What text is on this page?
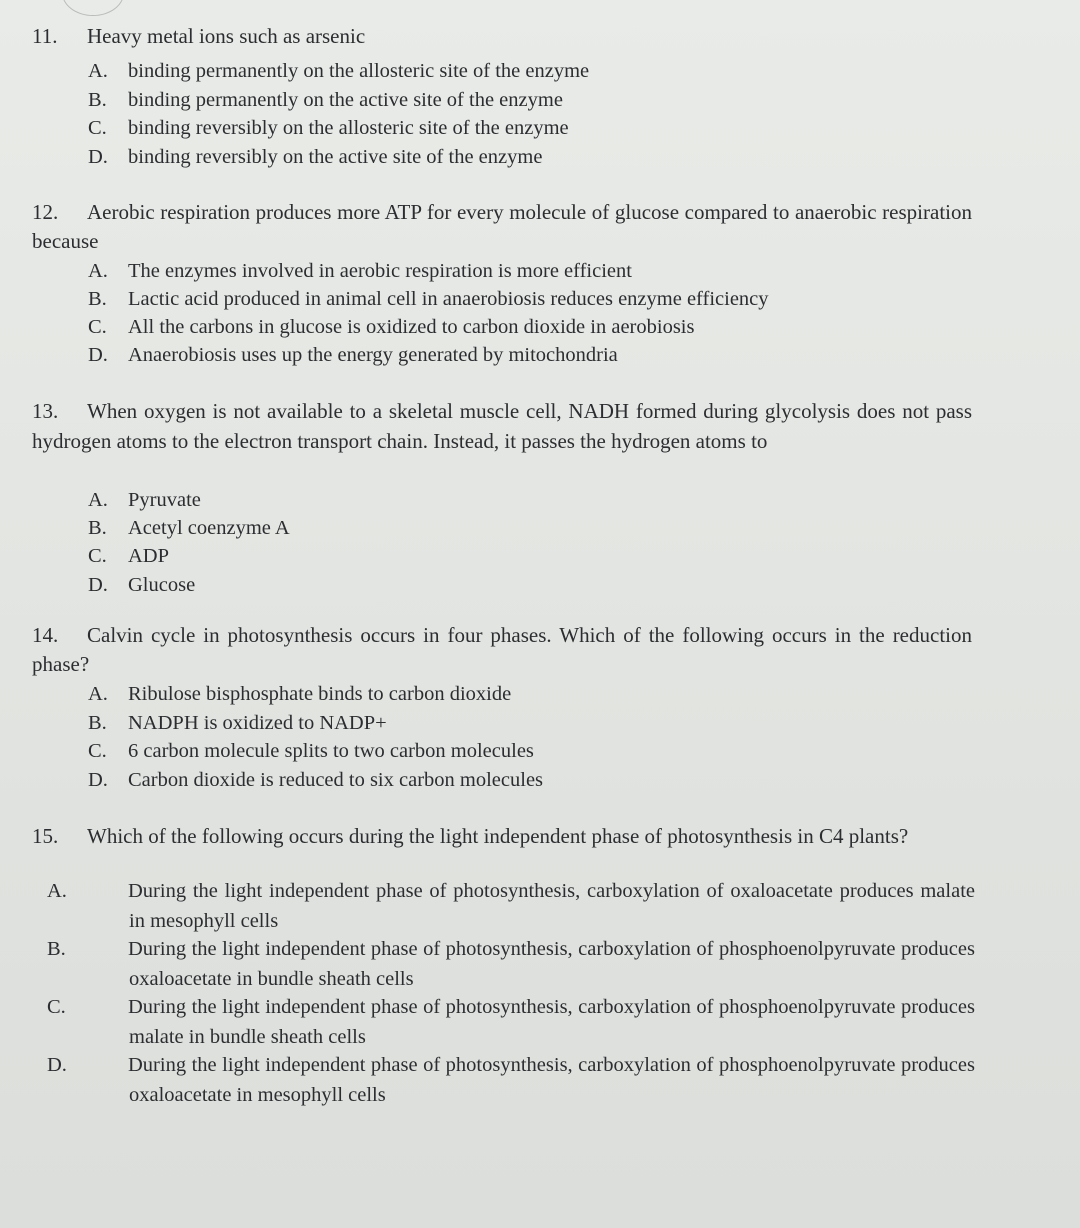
11. Heavy metal ions such as arsenic
A. binding permanently on the allosteric site of the enzyme
B. binding permanently on the active site of the enzyme
C. binding reversibly on the allosteric site of the enzyme
D. binding reversibly on the active site of the enzyme
12. Aerobic respiration produces more ATP for every molecule of glucose compared to anaerobic respiration because
A. The enzymes involved in aerobic respiration is more efficient
B. Lactic acid produced in animal cell in anaerobiosis reduces enzyme efficiency
C. All the carbons in glucose is oxidized to carbon dioxide in aerobiosis
D. Anaerobiosis uses up the energy generated by mitochondria
13. When oxygen is not available to a skeletal muscle cell, NADH formed during glycolysis does not pass hydrogen atoms to the electron transport chain. Instead, it passes the hydrogen atoms to
A. Pyruvate
B. Acetyl coenzyme A
C. ADP
D. Glucose
14. Calvin cycle in photosynthesis occurs in four phases. Which of the following occurs in the reduction phase?
A. Ribulose bisphosphate binds to carbon dioxide
B. NADPH is oxidized to NADP+
C. 6 carbon molecule splits to two carbon molecules
D. Carbon dioxide is reduced to six carbon molecules
15. Which of the following occurs during the light independent phase of photosynthesis in C4 plants?
A.	During the light independent phase of photosynthesis, carboxylation of oxaloacetate produces malate in mesophyll cells
B.	During the light independent phase of photosynthesis, carboxylation of phosphoenolpyruvate produces oxaloacetate in bundle sheath cells
C.	During the light independent phase of photosynthesis, carboxylation of phosphoenolpyruvate produces malate in bundle sheath cells
D.	During the light independent phase of photosynthesis, carboxylation of phosphoenolpyruvate produces oxaloacetate in mesophyll cells
